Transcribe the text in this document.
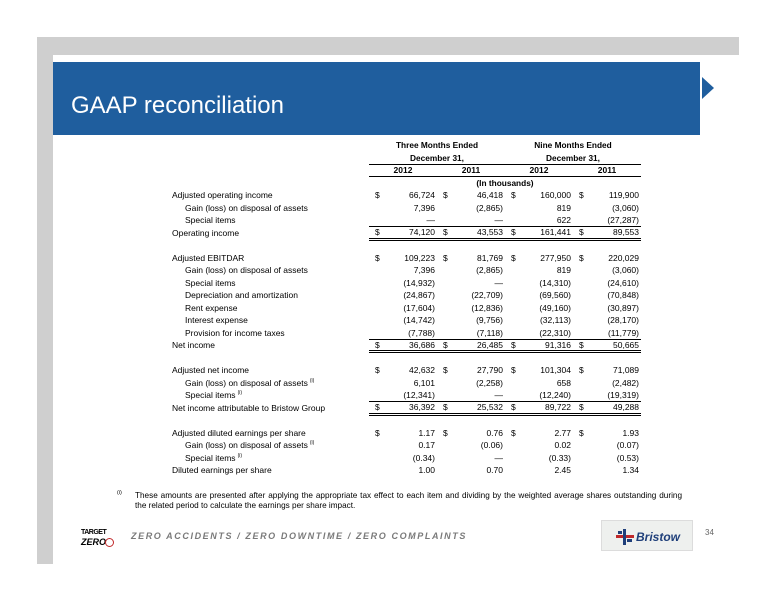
GAAP reconciliation
	Three Months Ended				Nine Months Ended			
	December 31,				December 31,			
	2012		2011		2012		2011	
	(In thousands)							
Adjusted operating income	$	66,724	$	46,418	$	160,000	$	119,900
Gain (loss) on disposal of assets		7,396		(2,865)		819		(3,060)
Special items		—		—		622		(27,287)
Operating income	$	74,120	$	43,553	$	161,441	$	89,553

Adjusted EBITDAR	$	109,223	$	81,769	$	277,950	$	220,029
Gain (loss) on disposal of assets		7,396		(2,865)		819		(3,060)
Special items		(14,932)		—		(14,310)		(24,610)
Depreciation and amortization		(24,867)		(22,709)		(69,560)		(70,848)
Rent expense		(17,604)		(12,836)		(49,160)		(30,897)
Interest expense		(14,742)		(9,756)		(32,113)		(28,170)
Provision for income taxes		(7,788)		(7,118)		(22,310)		(11,779)
Net income	$	36,686	$	26,485	$	91,316	$	50,665

Adjusted net income	$	42,632	$	27,790	$	101,304	$	71,089
Gain (loss) on disposal of assets $^{(i)}$		6,101		(2,258)		658		(2,482)
Special items $^{(i)}$		(12,341)		—		(12,240)		(19,319)
Net income attributable to Bristow Group	$	36,392	$	25,532	$	89,722	$	49,288

Adjusted diluted earnings per share	$	1.17	$	0.76	$	2.77	$	1.93
Gain (loss) on disposal of assets $^{(i)}$		0.17		(0.06)		0.02		(0.07)
Special items $^{(i)}$		(0.34)		—		(0.33)		(0.53)
Diluted earnings per share		1.00		0.70		2.45		1.34
(i) These amounts are presented after applying the appropriate tax effect to each item and dividing by the weighted average shares outstanding during the related period to calculate the earnings per share impact.
TARGET
ZERO
ZERO ACCIDENTS / ZERO DOWNTIME / ZERO COMPLAINTS	Bristow	34
